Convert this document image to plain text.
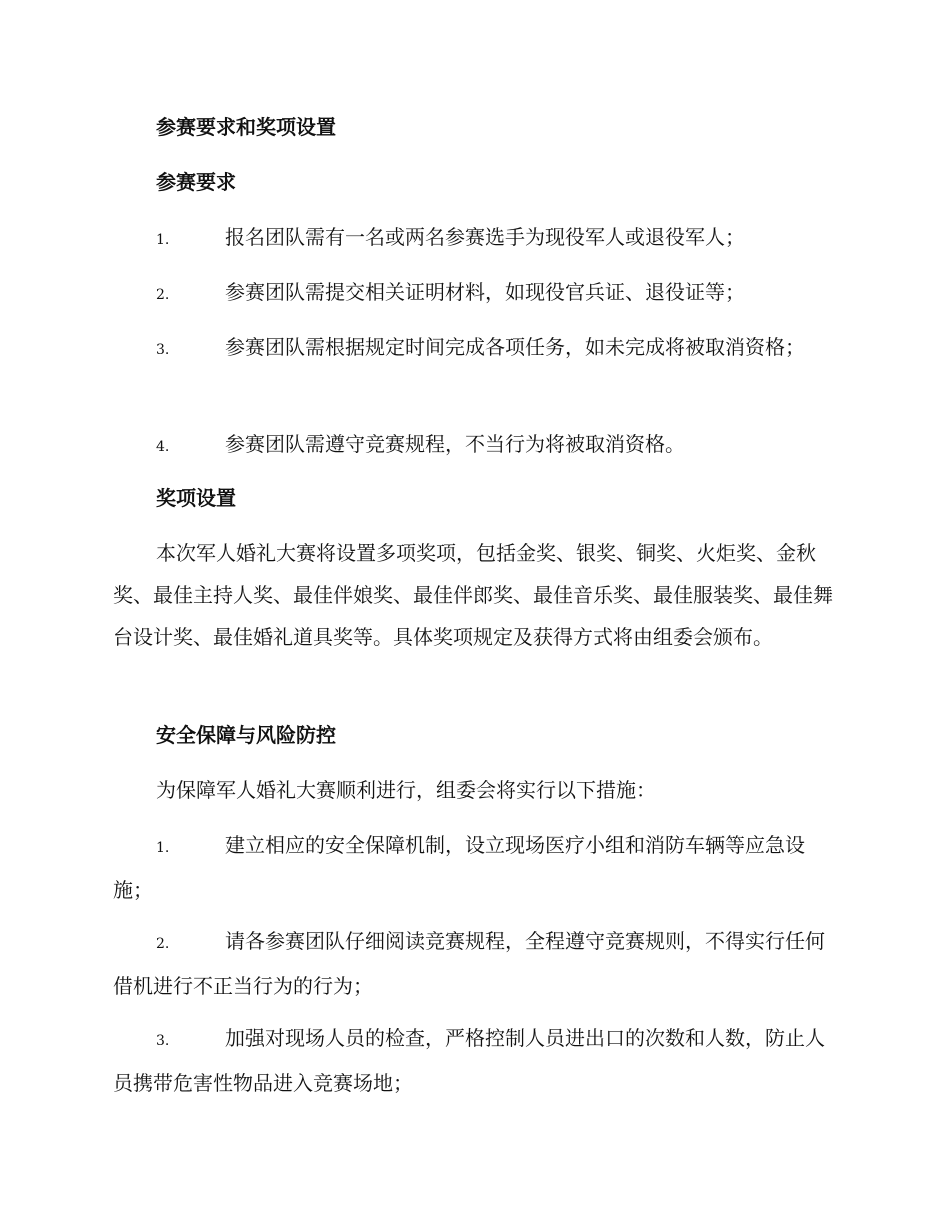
参赛要求和奖项设置

参赛要求

1.	报名团队需有一名或两名参赛选手为现役军人或退役军人；

2.	参赛团队需提交相关证明材料，如现役官兵证、退役证等；

3.	参赛团队需根据规定时间完成各项任务，如未完成将被取消资格；

4.	参赛团队需遵守竞赛规程，不当行为将被取消资格。

奖项设置

本次军人婚礼大赛将设置多项奖项，包括金奖、银奖、铜奖、火炬奖、金秋奖、最佳主持人奖、最佳伴娘奖、最佳伴郎奖、最佳音乐奖、最佳服装奖、最佳舞台设计奖、最佳婚礼道具奖等。具体奖项规定及获得方式将由组委会颁布。

安全保障与风险防控

为保障军人婚礼大赛顺利进行，组委会将实行以下措施：

1.	建立相应的安全保障机制，设立现场医疗小组和消防车辆等应急设施；

2.	请各参赛团队仔细阅读竞赛规程，全程遵守竞赛规则，不得实行任何借机进行不正当行为的行为；

3.	加强对现场人员的检查，严格控制人员进出口的次数和人数，防止人员携带危害性物品进入竞赛场地；
